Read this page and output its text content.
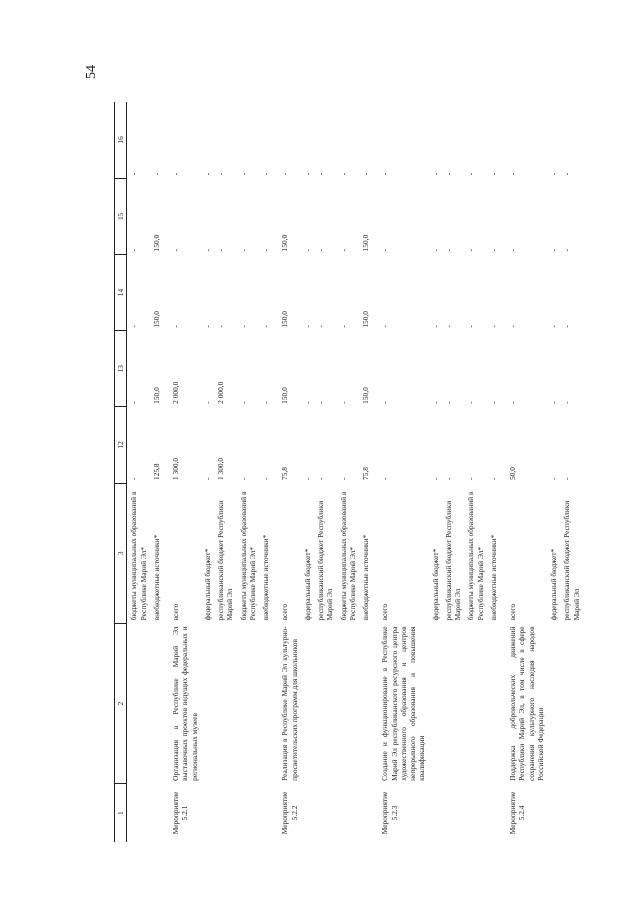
54
1	2	3	12	13	14	15	16
		бюджеты муниципальных образований в Республике Марий Эл*	-	-	-	-	-
		внебюджетные источники*	125,8	150,0	150,0	150,0	-
Мероприятие 5.2.1	Организация в Республике Марий Эл выставочных проектов ведущих федеральных и региональных музеев	всего	1 300,0	2 000,0	-	-	-
		федеральный бюджет*	-	-	-	-	-
		республиканский бюджет Республики Марий Эл	1 300,0	2 000,0	-	-	-
		бюджеты муниципальных образований в Республике Марий Эл*	-	-	-	-	-
		внебюджетные источники*	-	-	-	-	-
Мероприятие 5.2.2	Реализация в Республике Марий Эл культурно-просветительских программ для школьников	всего	75,8	150,0	150,0	150,0	-
		федеральный бюджет*	-	-	-	-	-
		республиканский бюджет Республики Марий Эл	-	-	-	-	-
		бюджеты муниципальных образований в Республике Марий Эл*	-	-	-	-	-
		внебюджетные источники*	75,8	150,0	150,0	150,0	-
Мероприятие 5.2.3	Создание и функционирование в Республике Марий Эл республиканского ресурсного центра художественного образования и центров непрерывного образования и повышения квалификации	всего	-	-	-	-	-
		федеральный бюджет*	-	-	-	-	-
		республиканский бюджет Республики Марий Эл	-	-	-	-	-
		бюджеты муниципальных образований в Республике Марий Эл*	-	-	-	-	-
		внебюджетные источники*	-	-	-	-	-
Мероприятие 5.2.4	Поддержка добровольческих движений Республики Марий Эл, в том числе в сфере сохранения культурного наследия народов Российской Федерации	всего	50,0	-	-	-	-
		федеральный бюджет*	-	-	-	-	-
		республиканский бюджет Республики Марий Эл	-	-	-	-	-
